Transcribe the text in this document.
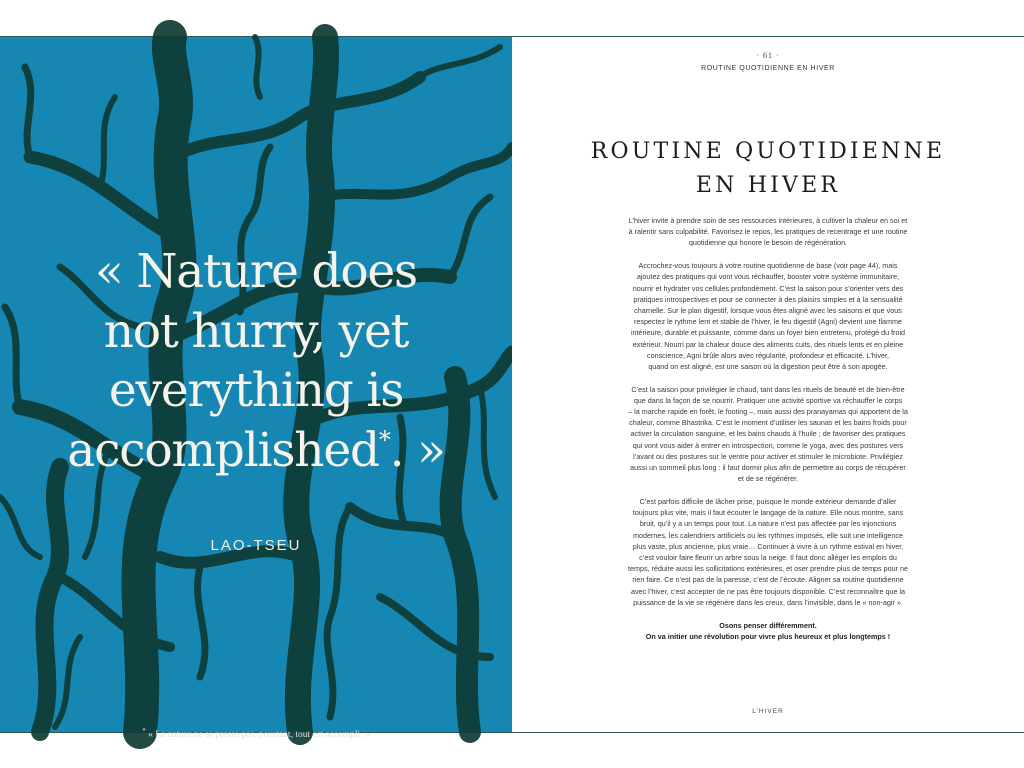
« Nature does
not hurry, yet
everything is
accomplished*. »
LAO-TSEU
* « La nature ne se presse pas, pourtant, tout est accompli. »
· 61 ·
ROUTINE QUOTIDIENNE EN HIVER
ROUTINE QUOTIDIENNE
EN HIVER
L’hiver invite à prendre soin de ses ressources intérieures, à cultiver la chaleur en soi et
à ralentir sans culpabilité. Favorisez le repos, les pratiques de recentrage et une routine
quotidienne qui honore le besoin de régénération.
Accrochez-vous toujours à votre routine quotidienne de base (voir page 44), mais
ajoutez des pratiques qui vont vous réchauffer, booster votre système immunitaire,
nourrir et hydrater vos cellules profondément. C’est la saison pour s’orienter vers des
pratiques introspectives et pour se connecter à des plaisirs simples et à la sensualité
charnelle. Sur le plan digestif, lorsque vous êtes aligné avec les saisons et que vous
respectez le rythme lent et stable de l’hiver, le feu digestif (Agni) devient une flamme
intérieure, durable et puissante, comme dans un foyer bien entretenu, protégé du froid
extérieur. Nourri par la chaleur douce des aliments cuits, des rituels lents et en pleine
conscience, Agni brûle alors avec régularité, profondeur et efficacité. L’hiver,
quand on est aligné, est une saison où la digestion peut être à son apogée.
C’est la saison pour privilégier le chaud, tant dans les rituels de beauté et de bien-être
que dans la façon de se nourrir. Pratiquer une activité sportive va réchauffer le corps
– la marche rapide en forêt, le footing –, mais aussi des pranayamas qui apportent de la
chaleur, comme Bhastrika. C’est le moment d’utiliser les saunas et les bains froids pour
activer la circulation sanguine, et les bains chauds à l’huile ; de favoriser des pratiques
qui vont vous aider à entrer en introspection, comme le yoga, avec des postures vers
l’avant ou des postures sur le ventre pour activer et stimuler le microbiote. Privilégiez
aussi un sommeil plus long : il faut dormir plus afin de permettre au corps de récupérer
et de se régénérer.
C’est parfois difficile de lâcher prise, puisque le monde extérieur demande d’aller
toujours plus vite, mais il faut écouter le langage de la nature. Elle nous montre, sans
bruit, qu’il y a un temps pour tout. La nature n’est pas affectée par les injonctions
modernes, les calendriers artificiels ou les rythmes imposés, elle suit une intelligence
plus vaste, plus ancienne, plus vraie… Continuer à vivre à un rythme estival en hiver,
c’est vouloir faire fleurir un arbre sous la neige. Il faut donc alléger les emplois du
temps, réduire aussi les sollicitations extérieures, et oser prendre plus de temps pour ne
rien faire. Ce n’est pas de la paresse, c’est de l’écoute. Aligner sa routine quotidienne
avec l’hiver, c’est accepter de ne pas être toujours disponible. C’est reconnaître que la
puissance de la vie se régénère dans les creux, dans l’invisible, dans le « non-agir ».
Osons penser différemment.
On va initier une révolution pour vivre plus heureux et plus longtemps !
L’HIVER
